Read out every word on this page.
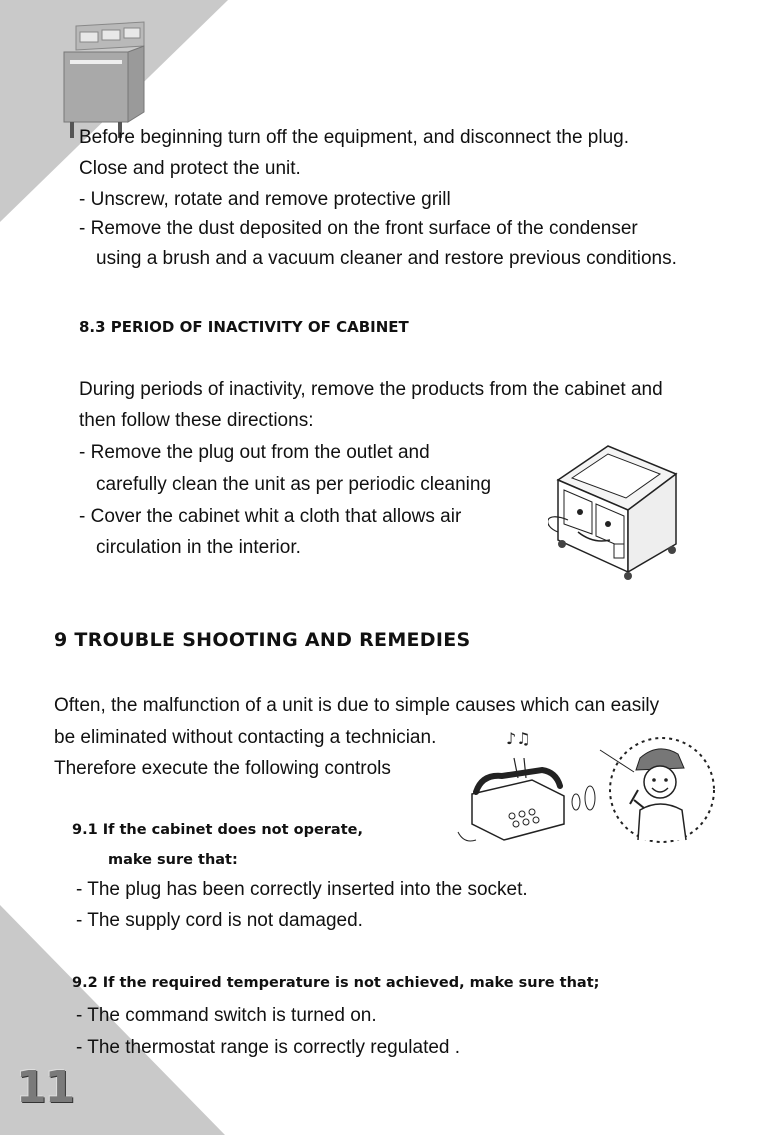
Before beginning turn off the equipment, and disconnect the plug.

Close and protect the unit.

- Unscrew, rotate and remove protective grill

- Remove the dust deposited on the front surface of the condenser

using a brush and a vacuum cleaner and restore previous conditions.

8.3 PERIOD OF INACTIVITY OF CABINET

During periods of inactivity, remove the products from the cabinet and

then follow these directions:

- Remove the plug out from the outlet and

carefully clean the unit as per periodic cleaning

- Cover the cabinet whit a cloth that allows air

circulation in the interior.

9 TROUBLE SHOOTING AND REMEDIES

Often, the malfunction of a unit is due to simple causes which can easily

be eliminated without contacting a technician.

Therefore execute the following controls

♪♫

9.1 If the cabinet does not operate,

make sure that:

- The plug has been correctly inserted into the socket.

- The supply cord is not damaged.

9.2 If the required temperature is not achieved, make sure that;

- The command switch is turned on.

- The thermostat range is correctly regulated .

11
